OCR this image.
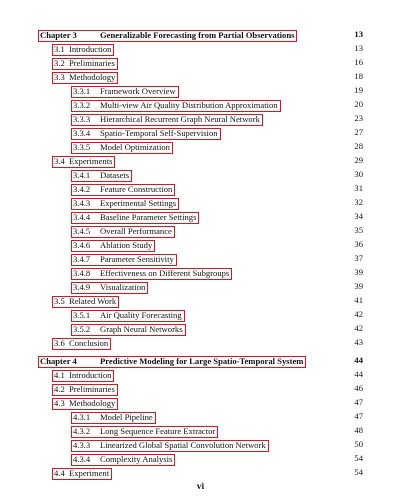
Chapter 3	Generalizable Forecasting from Partial Observations	13
3.1 Introduction	13
3.2 Preliminaries	16
3.3 Methodology	18
3.3.1 Framework Overview	19
3.3.2 Multi-view Air Quality Distribution Approximation	20
3.3.3 Hierarchical Recurrent Graph Neural Network	23
3.3.4 Spatio-Temporal Self-Supervision	27
3.3.5 Model Optimization	28
3.4 Experiments	29
3.4.1 Datasets	30
3.4.2 Feature Construction	31
3.4.3 Experimental Settings	32
3.4.4 Baseline Parameter Settings	34
3.4.5 Overall Performance	35
3.4.6 Ablation Study	36
3.4.7 Parameter Sensitivity	37
3.4.8 Effectiveness on Different Subgroups	39
3.4.9 Visualization	39
3.5 Related Work	41
3.5.1 Air Quality Forecasting	42
3.5.2 Graph Neural Networks	42
3.6 Conclusion	43
Chapter 4	Predictive Modeling for Large Spatio-Temporal System	44
4.1 Introduction	44
4.2 Preliminaries	46
4.3 Methodology	47
4.3.1 Model Pipeline	47
4.3.2 Long Sequence Feature Extractor	48
4.3.3 Linearized Global Spatial Convolution Network	50
4.3.4 Complexity Analysis	54
4.4 Experiment	54
vi
